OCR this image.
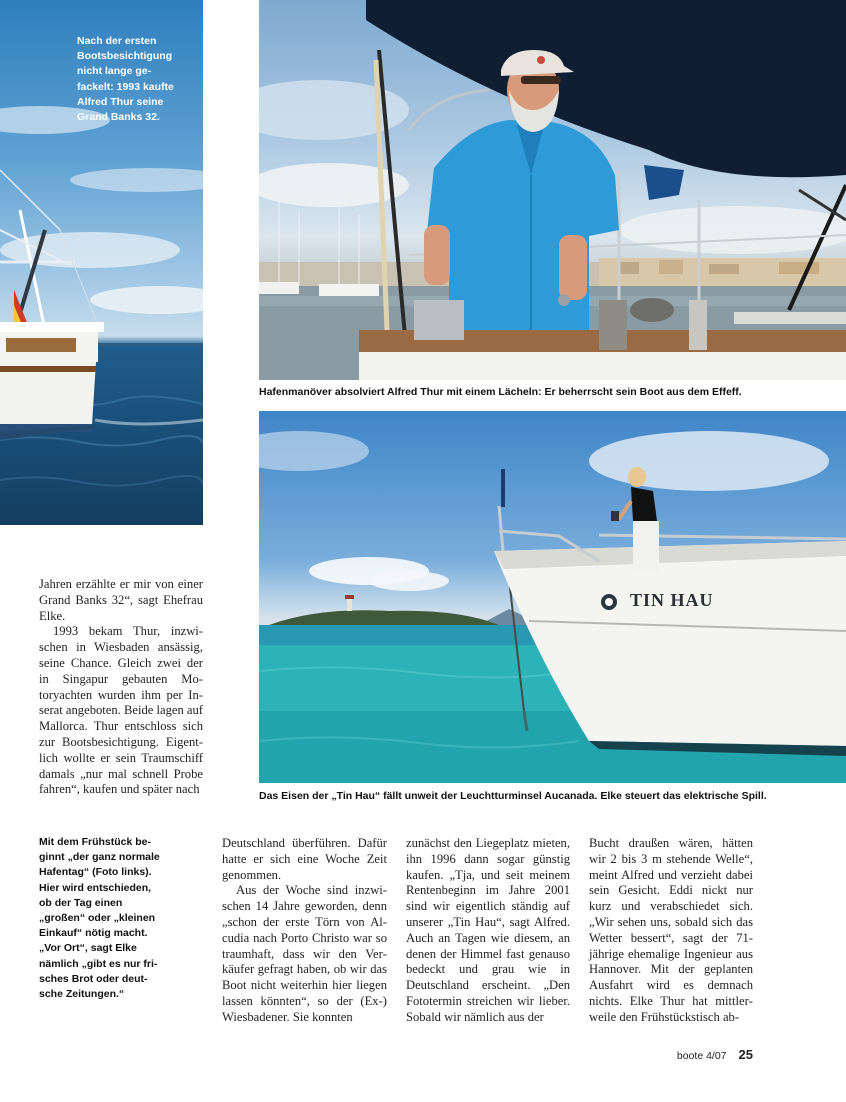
Nach der ersten
Bootsbesichtigung
nicht lange ge-
fackelt: 1993 kaufte
Alfred Thur seine
Grand Banks 32.
Hafenmanöver absolviert Alfred Thur mit einem Lächeln: Er beherrscht sein Boot aus dem Effeff.
TIN HAU
Das Eisen der „Tin Hau“ fällt unweit der Leuchtturminsel Aucanada. Elke steuert das elektrische Spill.

Jahren erzählte er mir von einer Grand Banks 32“, sagt Ehefrau Elke.

1993 bekam Thur, inzwischen in Wiesbaden ansässig, seine Chance. Gleich zwei der in Singapur gebauten Motoryachten wurden ihm per Inserat angeboten. Beide lagen auf Mallorca. Thur entschloss sich zur Bootsbesichtigung. Eigentlich wollte er sein Traumschiff damals „nur mal schnell Probe fahren“, kaufen und später nach

Mit dem Frühstück be-
ginnt „der ganz normale
Hafentag“ (Foto links).
Hier wird entschieden,
ob der Tag einen
„großen“ oder „kleinen
Einkauf“ nötig macht.
„Vor Ort“, sagt Elke
nämlich „gibt es nur fri-
sches Brot oder deut-
sche Zeitungen.“

Deutschland überführen. Dafür hatte er sich eine Woche Zeit genommen.

Aus der Woche sind inzwischen 14 Jahre geworden, denn „schon der erste Törn von Alcudia nach Porto Christo war so traumhaft, dass wir den Verkäufer gefragt haben, ob wir das Boot nicht weiterhin hier liegen lassen könnten“, so der (Ex-) Wiesbadener. Sie konnten

zunächst den Liegeplatz mieten, ihn 1996 dann sogar günstig kaufen. „Tja, und seit meinem Rentenbeginn im Jahre 2001 sind wir eigentlich ständig auf unserer „Tin Hau“, sagt Alfred. Auch an Tagen wie diesem, an denen der Himmel fast genauso bedeckt und grau wie in Deutschland erscheint. „Den Fototermin streichen wir lieber. Sobald wir nämlich aus der

Bucht draußen wären, hätten wir 2 bis 3 m stehende Welle“, meint Alfred und verzieht dabei sein Gesicht. Eddi nickt nur kurz und verabschiedet sich. „Wir sehen uns, sobald sich das Wetter bessert“, sagt der 71-jährige ehemalige Ingenieur aus Hannover. Mit der geplanten Ausfahrt wird es demnach nichts. Elke Thur hat mittlerweile den Frühstückstisch ab-

boote 4/07 25
